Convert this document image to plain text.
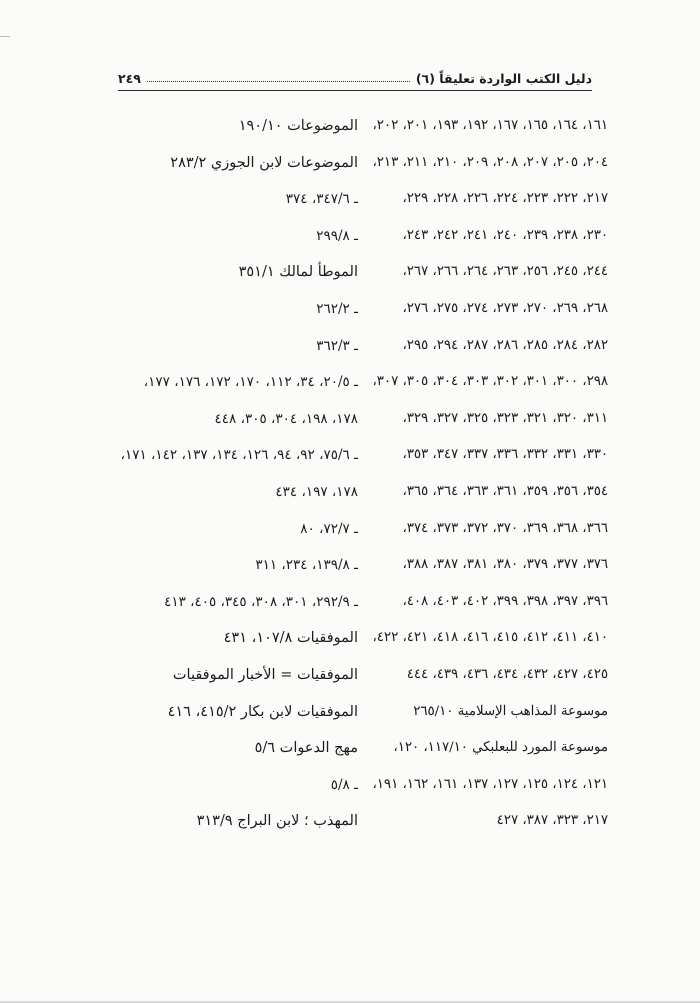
دليل الكتب الواردة تعليقاً (٦)
٢٤٩
١٦١، ١٦٤، ١٦٥، ١٦٧، ١٩٢، ١٩٣، ٢٠١، ٢٠٢،
٢٠٤، ٢٠٥، ٢٠٧، ٢٠٨، ٢٠٩، ٢١٠، ٢١١، ٢١٣،
٢١٧، ٢٢٢، ٢٢٣، ٢٢٤، ٢٢٦، ٢٢٨، ٢٢٩،
٢٣٠، ٢٣٨، ٢٣٩، ٢٤٠، ٢٤١، ٢٤٢، ٢٤٣،
٢٤٤، ٢٤٥، ٢٥٦، ٢٦٣، ٢٦٤، ٢٦٦، ٢٦٧،
٢٦٨، ٢٦٩، ٢٧٠، ٢٧٣، ٢٧٤، ٢٧٥، ٢٧٦،
٢٨٢، ٢٨٤، ٢٨٥، ٢٨٦، ٢٨٧، ٢٩٤، ٢٩٥،
٢٩٨، ٣٠٠، ٣٠١، ٣٠٢، ٣٠٣، ٣٠٤، ٣٠٥، ٣٠٧،
٣١١، ٣٢٠، ٣٢١، ٣٢٣، ٣٢٥، ٣٢٧، ٣٢٩،
٣٣٠، ٣٣١، ٣٣٢، ٣٣٦، ٣٣٧، ٣٤٧، ٣٥٣،
٣٥٤، ٣٥٦، ٣٥٩، ٣٦١، ٣٦٣، ٣٦٤، ٣٦٥،
٣٦٦، ٣٦٨، ٣٦٩، ٣٧٠، ٣٧٢، ٣٧٣، ٣٧٤،
٣٧٦، ٣٧٧، ٣٧٩، ٣٨٠، ٣٨١، ٣٨٧، ٣٨٨،
٣٩٦، ٣٩٧، ٣٩٨، ٣٩٩، ٤٠٢، ٤٠٣، ٤٠٨،
٤١٠، ٤١١، ٤١٢، ٤١٥، ٤١٦، ٤١٨، ٤٢١، ٤٢٢،
٤٢٥، ٤٢٧، ٤٣٢، ٤٣٤، ٤٣٦، ٤٣٩، ٤٤٤
موسوعة المذاهب الإسلامية ٢٦٥/١٠
موسوعة المورد للبعلبكي ١١٧/١٠، ١٢٠،
١٢١، ١٢٤، ١٢٥، ١٢٧، ١٣٧، ١٦١، ١٦٢، ١٩١،
٢١٧، ٣٢٣، ٣٨٧، ٤٢٧
الموضوعات ١٩٠/١٠
الموضوعات لابن الجوزي ٢٨٣/٢
ـ ٣٤٧/٦، ٣٧٤
ـ ٢٩٩/٨
الموطأ لمالك ٣٥١/١
ـ ٢٦٢/٢
ـ ٣٦٢/٣
ـ ٢٠/٥، ٣٤، ١١٢، ١٧٠، ١٧٢، ١٧٦، ١٧٧،
١٧٨، ١٩٨، ٣٠٤، ٣٠٥، ٤٤٨
ـ ٧٥/٦، ٩٢، ٩٤، ١٢٦، ١٣٤، ١٣٧، ١٤٢، ١٧١،
١٧٨، ١٩٧، ٤٣٤
ـ ٧٢/٧، ٨٠
ـ ١٣٩/٨، ٢٣٤، ٣١١
ـ ٢٩٢/٩، ٣٠١، ٣٠٨، ٣٤٥، ٤٠٥، ٤١٣
الموفقيات ١٠٧/٨، ٤٣١
الموفقيات = الأخبار الموفقيات
الموفقيات لابن بكار ٤١٥/٢، ٤١٦
مهج الدعوات ٥/٦
ـ ٥/٨
المهذب ؛ لابن البراج ٣١٣/٩
